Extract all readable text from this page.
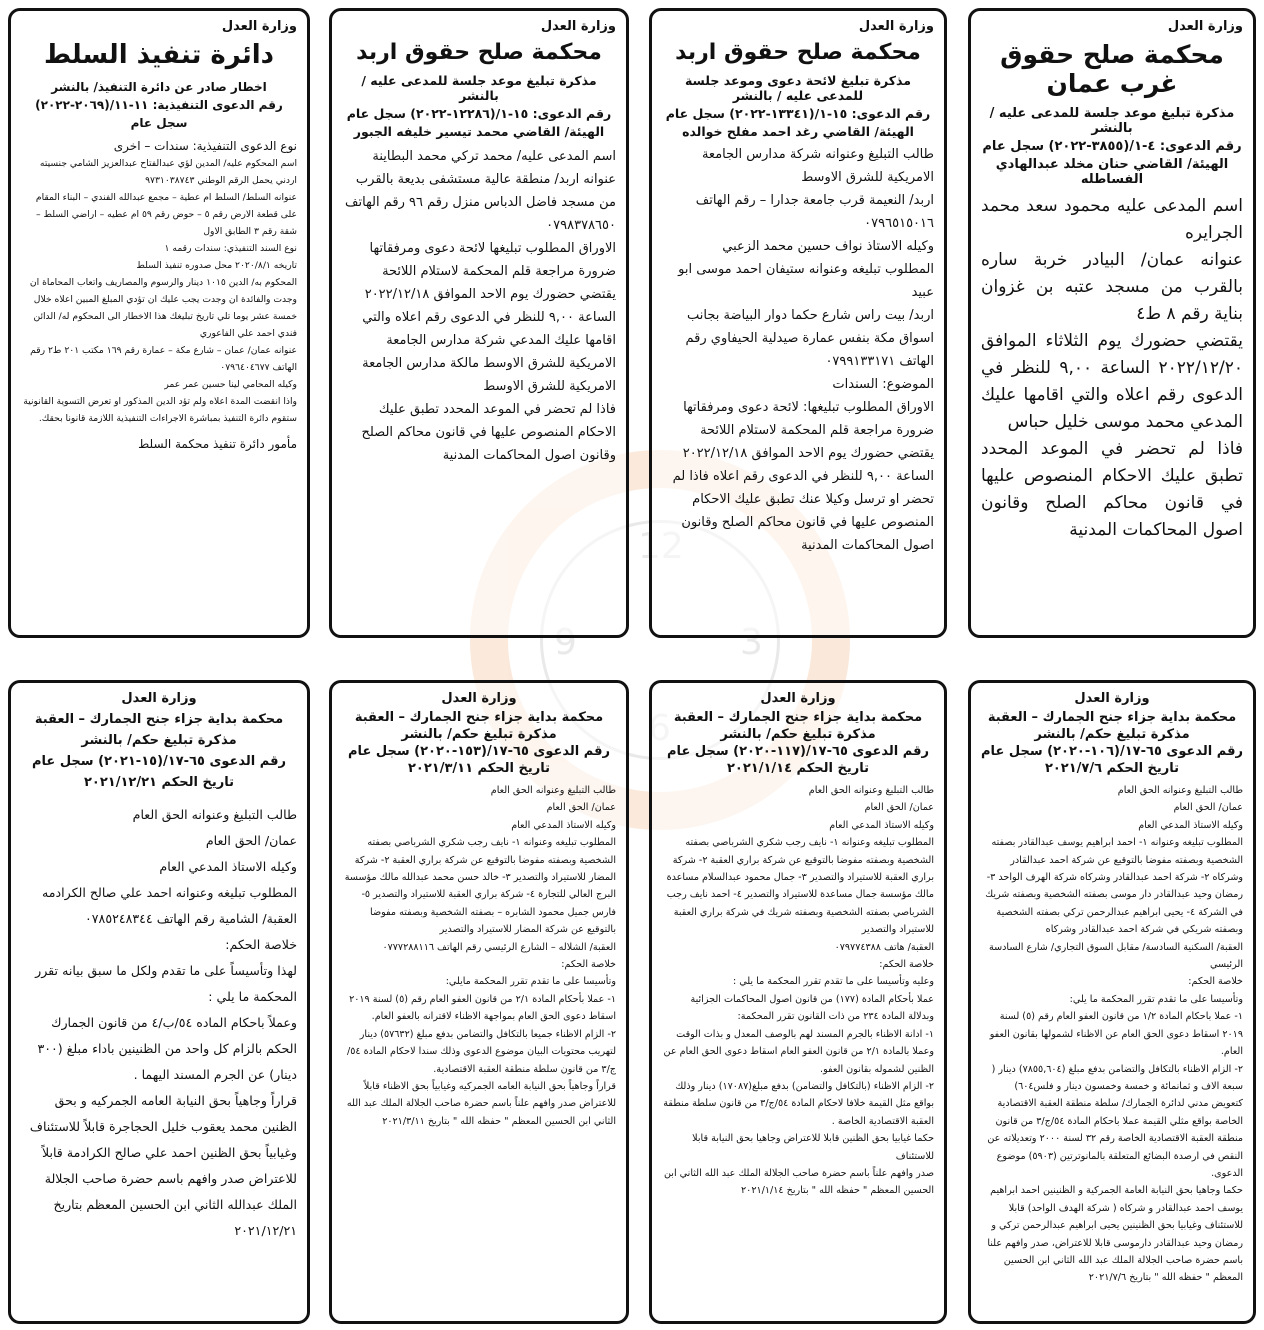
3
9
وزارة العدل
محكمة صلح حقوق غرب عمان
مذكرة تبليغ موعد جلسة للمدعى عليه / بالنشر
رقم الدعوى: ٤-١/(٣٨٥٥-٢٠٢٢) سجل عام
الهيئة/ القاضي حنان مخلد عبدالهادي الفساطله
اسم المدعى عليه محمود سعد محمد الجرايره
عنوانه عمان/ البيادر خربة ساره بالقرب من مسجد عتبه بن غزوان بناية رقم ٨ ط٤
يقتضي حضورك يوم الثلاثاء الموافق ٢٠٢٢/١٢/٢٠ الساعة ٩,٠٠ للنظر في الدعوى رقم اعلاه والتي اقامها عليك المدعي محمد موسى خليل حباس
فاذا لم تحضر في الموعد المحدد تطبق عليك الاحكام المنصوص عليها في قانون محاكم الصلح وقانون اصول المحاكمات المدنية
وزارة العدل
محكمة صلح حقوق اربد
مذكرة تبليغ لائحة دعوى وموعد جلسة للمدعى عليه / بالنشر
رقم الدعوى: ١٥-١/(١٣٣٤١-٢٠٢٢) سجل عام
الهيئة/ القاضي رغد احمد مفلح خوالده
طالب التبليغ وعنوانه شركة مدارس الجامعة الامريكية للشرق الاوسط
اربد/ النعيمة قرب جامعة جدارا – رقم الهاتف ٠٧٩٦٥١٥٠١٦
وكيله الاستاذ نواف حسين محمد الزعبي
المطلوب تبليغه وعنوانه ستيفان احمد موسى ابو عبيد
اربد/ بيت راس شارع حكما دوار البياضة بجانب اسواق مكة بنفس عمارة صيدلية الحيفاوي رقم الهاتف ٠٧٩٩١٣٣١٧١
الموضوع: السندات
الاوراق المطلوب تبليغها: لائحة دعوى ومرفقاتها ضرورة مراجعة قلم المحكمة لاستلام اللائحة
يقتضي حضورك يوم الاحد الموافق ٢٠٢٢/١٢/١٨ الساعة ٩,٠٠ للنظر في الدعوى رقم اعلاه فاذا لم تحضر او ترسل وكيلا عنك تطبق عليك الاحكام المنصوص عليها في قانون محاكم الصلح وقانون اصول المحاكمات المدنية
وزارة العدل
محكمة صلح حقوق اربد
مذكرة تبليغ موعد جلسة للمدعى عليه / بالنشر
رقم الدعوى: ١٥-١/(١٢٢٨٦-٢٠٢٢) سجل عام
الهيئة/ القاضي محمد تيسير خليفه الجبور
اسم المدعى عليه/ محمد تركي محمد البطاينة
عنوانه اربد/ منطقة عالية مستشفى بديعة بالقرب من مسجد فاضل الدباس منزل رقم ٩٦ رقم الهاتف ٠٧٩٨٣٧٨٦٥٠
الاوراق المطلوب تبليغها لائحة دعوى ومرفقاتها ضرورة مراجعة قلم المحكمة لاستلام اللائحة
يقتضي حضورك يوم الاحد الموافق ٢٠٢٢/١٢/١٨ الساعة ٩,٠٠ للنظر في الدعوى رقم اعلاه والتي اقامها عليك المدعي شركة مدارس الجامعة الامريكية للشرق الاوسط مالكة مدارس الجامعة الامريكية للشرق الاوسط
فاذا لم تحضر في الموعد المحدد تطبق عليك الاحكام المنصوص عليها في قانون محاكم الصلح وقانون اصول المحاكمات المدنية
وزارة العدل
دائرة تنفيذ السلط
اخطار صادر عن دائرة التنفيذ/ بالنشر
رقم الدعوى التنفيذية: ١١-١١/(٢٠٦٩-٢٠٢٢)
سجل عام
نوع الدعوى التنفيذية: سندات – اخرى
اسم المحكوم عليه/ المدين لؤي عبدالفتاح عبدالعزيز الشامي جنسيته اردني يحمل الرقم الوطني ٩٧٣١٠٣٨٧٤٣
عنوانه السلط/ السلط ام عطية – مجمع عبدالله الفندي – البناء المقام على قطعة الارض رقم ٥ – حوض رقم ٥٩ ام عطيه – اراضي السلط – شقة رقم ٣ الطابق الاول
نوع السند التنفيذي: سندات رقمه ١
تاريخه ٢٠٢٠/٨/١ محل صدوره تنفيذ السلط
المحكوم به/ الدين ١٠١٥ دينار والرسوم والمصاريف واتعاب المحاماة ان وجدت والفائدة ان وجدت يجب عليك ان تؤدي المبلغ المبين اعلاه خلال خمسة عشر يوما تلي تاريخ تبليغك هذا الاخطار الى المحكوم له/ الدائن فندي احمد علي الفاعوري
عنوانه عمان/ عمان – شارع مكة – عمارة رقم ١٦٩ مكتب ٢٠١ ط٢ رقم الهاتف ٠٧٩٦٤٠٤٦٧٧
وكيله المحامي لينا حسين عمر عمر
واذا انقضت المدة اعلاه ولم تؤد الدين المذكور او تعرض التسوية القانونية ستقوم دائرة التنفيذ بمباشرة الاجراءات التنفيذية اللازمة قانونا بحقك.
مأمور دائرة تنفيذ محكمة السلط
وزارة العدل
محكمة بداية جزاء جنح الجمارك – العقبة
مذكرة تبليغ حكم/ بالنشر
رقم الدعوى ٦٥-١٧/(١٠٦-٢٠٢٠) سجل عام
تاريخ الحكم ٢٠٢١/٧/٦
طالب التبليغ وعنوانه الحق العام
عمان/ الحق العام
وكيله الاستاذ المدعي العام
المطلوب تبليغه وعنوانه ١- احمد ابراهيم يوسف عبدالقادر بصفته الشخصية وبصفته مفوضا بالتوقيع عن شركة احمد عبدالقادر وشركاه ٢- شركة احمد عبدالقادر وشركاه شركة الهرف الواحد ٣- رمضان وحيد عبدالقادر دار موسى بصفته الشخصية وبصفته شريك في الشركة ٤- يحيى ابراهيم عبدالرحمن تركي بصفته الشخصية وبصفته شريكي في شركة احمد عبدالقادر وشركاه
العقبة/ السكنية السادسة/ مقابل السوق التجاري/ شارع السادسة الرئيسي
خلاصة الحكم:
وتأسيسا على ما تقدم تقرر المحكمة ما يلي:
١- عملا باحكام المادة ١/٢ من قانون العفو العام رقم (٥) لسنة ٢٠١٩ اسقاط دعوى الحق العام عن الاظناء لشمولها بقانون العفو العام.
٢- الزام الاظناء بالتكافل والتضامن بدفع مبلغ (٧٨٥٥,٦٠٤) دينار ( سبعة الاف و ثمانمائة و خمسة وخمسون دينار و فلس٦٠٤) كتعويض مدني لدائرة الجمارك/ سلطة منطقة العقبة الاقتصادية الخاصة بواقع مثلي القيمة عملا باحكام المادة ٥٤/ج/٣ من قانون منطقة العقبة الاقتصادية الخاصة رقم ٣٢ لسنة ٢٠٠٠ وتعديلاته عن النقص في ارصدة البضائع المتعلقة بالمانوترتين (٥٩٠٣) موضوع الدعوى.
حكما وجاهيا بحق النيابة العامة الجمركية و الظنينين احمد ابراهيم يوسف احمد عبدالقادر و شركاه ( شركة الهدف الواحد) قابلا للاستئناف وغيابيا بحق الظنينين يحيى ابراهيم عبدالرحمن تركي و رمضان وحيد عبدالقادر دارموسى قابلا للاعتراض، صدر وافهم علنا باسم حضرة صاحب الجلالة الملك عبد الله الثاني ابن الحسين المعظم " حفظه الله " بتاريخ ٢٠٢١/٧/٦
وزارة العدل
محكمة بداية جزاء جنح الجمارك – العقبة
مذكرة تبليغ حكم/ بالنشر
رقم الدعوى ٦٥-١٧/(١١٧-٢٠٢٠) سجل عام
تاريخ الحكم ٢٠٢١/١/١٤
طالب التبليغ وعنوانه الحق العام
عمان/ الحق العام
وكيله الاستاذ المدعي العام
المطلوب تبليغه وعنوانه ١- نايف رجب شكري الشرباصي بصفته الشخصية وبصفته مفوضا بالتوقيع عن شركة براري العقبة ٢- شركة براري العقبة للاستيراد والتصدير ٣- جمال محمود عبدالسلام مساعدة مالك مؤسسة جمال مساعدة للاستيراد والتصدير ٤- احمد نايف رجب الشرباصي بصفته الشخصية وبصفته شريك في شركة براري العقبة للاستيراد والتصدير
العقبة/ هاتف ٠٧٩٧٧٤٣٨٨
خلاصة الحكم:
وعليه وتأسيسا على ما تقدم تقرر المحكمة ما يلي :
عملا بأحكام المادة (١٧٧) من قانون اصول المحاكمات الجزائية وبدلالة المادة ٢٣٤ من ذات القانون تقرر المحكمة:
١- ادانة الاظناء بالجرم المسند لهم بالوصف المعدل و بذات الوقت وعملا بالمادة ٢/١ من قانون العفو العام اسقاط دعوى الحق العام عن الظنين لشموله بقانون العفو.
٢- الزام الاظناء (بالتكافل والتضامن) بدفع مبلغ(١٧٠٨٧) دينار وذلك بواقع مثل القيمة خلافا لاحكام المادة ٥٤/ج/٣ من قانون سلطة منطقة العقبة الاقتصادية الخاصة .
حكما غيابيا بحق الظنين قابلا للاعتراض وجاهيا بحق النيابة قابلا للاستئناف
صدر وافهم علناً باسم حضرة صاحب الجلالة الملك عبد الله الثاني ابن الحسين المعظم " حفظه الله " بتاريخ ٢٠٢١/١/١٤
وزارة العدل
محكمة بداية جزاء جنح الجمارك – العقبة
مذكرة تبليغ حكم/ بالنشر
رقم الدعوى ٦٥-١٧/(١٥٣-٢٠٢٠) سجل عام
تاريخ الحكم ٢٠٢١/٣/١١
طالب التبليغ وعنوانه الحق العام
عمان/ الحق العام
وكيله الاستاذ المدعي العام
المطلوب تبليغه وعنوانه ١- نايف رجب شكري الشرباصي بصفته الشخصية وبصفته مفوضا بالتوقيع عن شركة براري العقبة ٢- شركة المضار للاستيراد والتصدير ٣- خالد حسن محمد عبدالله مالك مؤسسة البرج العالي للتجارة ٤- شركة براري العقبة للاستيراد والتصدير ٥- فارس جميل محمود الشابره – بصفته الشخصية وبصفته مفوضا بالتوقيع عن شركة المضار للاستيراد والتصدير
العقبة/ الشلاله – الشارع الرئيسي رقم الهاتف ٠٧٧٧٢٨٨١١٦
خلاصة الحكم:
وتأسيسا على ما تقدم تقرر المحكمة مايلي:
١- عملا بأحكام المادة ٢/١ من قانون العفو العام رقم (٥) لسنة ٢٠١٩ اسقاط دعوى الحق العام بمواجهة الاظناء لاقترانه بالعفو العام.
٢- الزام الاظناء جميعا بالتكافل والتضامن بدفع مبلغ (٥٧٦٣٢) دينار لتهريب محتويات البيان موضوع الدعوى وذلك سندا لاحكام المادة ٥٤/ج/٣ من قانون سلطة منطقة العقبة الاقتصادية.
قراراً وجاهياً بحق النيابة العامه الجمركيه وغيابياً بحق الاظناء قابلاً للاعتراض صدر وافهم علناً باسم حضرة صاحب الجلالة الملك عبد الله الثاني ابن الحسين المعظم " حفظه الله " بتاريخ ٢٠٢١/٣/١١
وزارة العدل
محكمة بداية جزاء جنح الجمارك – العقبة
مذكرة تبليغ حكم/ بالنشر
رقم الدعوى ٦٥-١٧/(١٥-٢٠٢١) سجل عام
تاريخ الحكم ٢٠٢١/١٢/٢١
طالب التبليغ وعنوانه الحق العام
عمان/ الحق العام
وكيله الاستاذ المدعي العام
المطلوب تبليغه وعنوانه احمد علي صالح الكرادمه
العقبة/ الشامية رقم الهاتف ٠٧٨٥٢٤٨٣٤٤
خلاصة الحكم:
لهذا وتأسيساً على ما تقدم ولكل ما سبق بيانه تقرر المحكمة ما يلي :
وعملاً باحكام الماده ٥٤/ب/٤ من قانون الجمارك الحكم بالزام كل واحد من الظنينين باداء مبلغ (٣٠٠ دينار) عن الجرم المسند اليهما .
قراراً وجاهياً بحق النيابة العامه الجمركيه و بحق الظنين محمد يعقوب خليل الحجاجرة قابلاً للاستئناف وغيابياً بحق الظنين احمد علي صالح الكرادمة قابلاً للاعتراض صدر وافهم باسم حضرة صاحب الجلالة الملك عبدالله الثاني ابن الحسين المعظم بتاريخ ٢٠٢١/١٢/٢١
